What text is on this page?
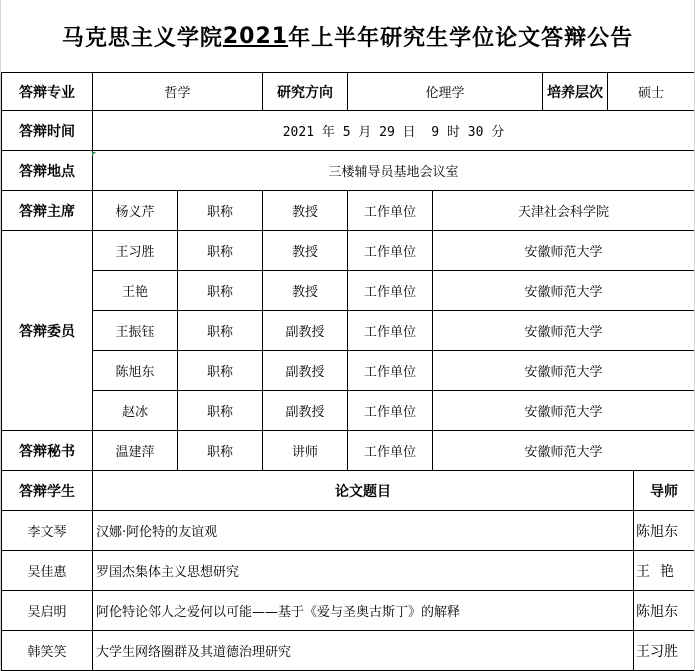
马克思主义学院 2021 年上半年研究生学位论文答辩公告
答辩专业	哲学		研究方向	伦理学		培养层次	硕士
答辩时间	2021 年 5 月 29 日  9 时 30 分						
答辩地点	三楼辅导员基地会议室						
答辩主席	杨义芹	职称	教授	工作单位	天津社会科学院		
答辩委员	王习胜	职称	教授	工作单位	安徽师范大学		
	王艳	职称	教授	工作单位	安徽师范大学		
	王振钰	职称	副教授	工作单位	安徽师范大学		
	陈旭东	职称	副教授	工作单位	安徽师范大学		
	赵冰	职称	副教授	工作单位	安徽师范大学		
答辩秘书	温建萍	职称	讲师	工作单位	安徽师范大学		
答辩学生	论文题目	导师
李文琴	汉娜·阿伦特的友谊观	陈旭东
吴佳惠	罗国杰集体主义思想研究	王艳
吴启明	阿伦特论邻人之爱何以可能——基于《爱与圣奥古斯丁》的解释	陈旭东
韩笑笑	大学生网络圈群及其道德治理研究	王习胜
